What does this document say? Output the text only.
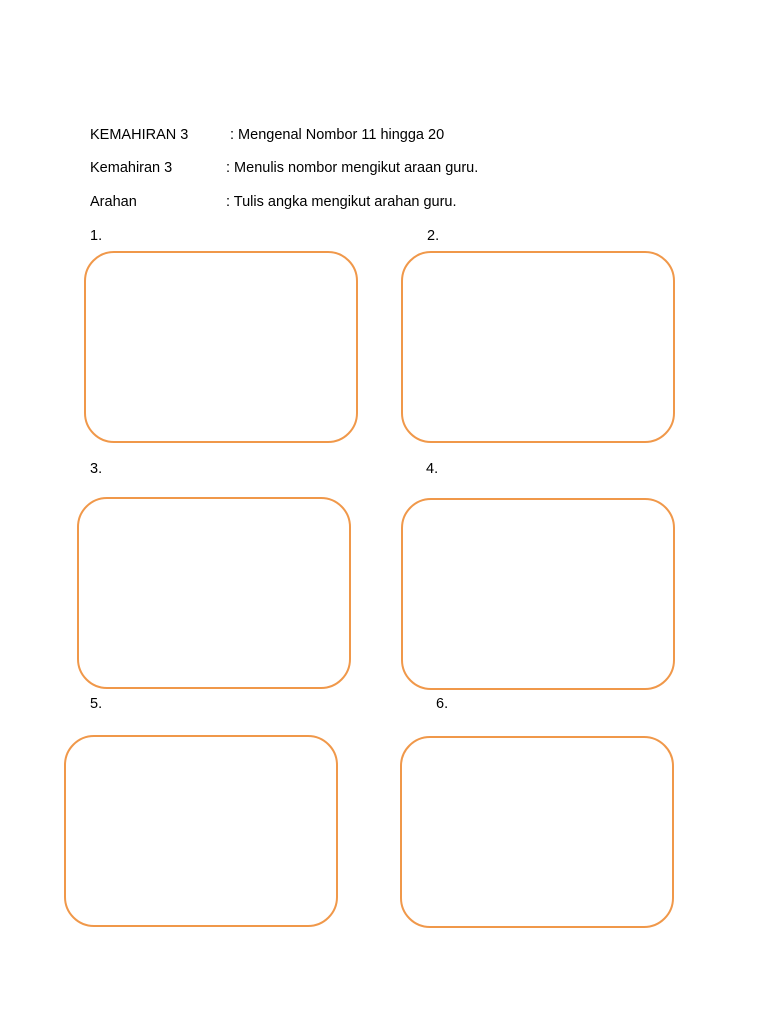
KEMAHIRAN 3	: Mengenal Nombor 11 hingga 20
Kemahiran 3	: Menulis nombor mengikut araan guru.
Arahan	: Tulis angka mengikut arahan guru.
1.	2.
3.	4.
5.	6.
